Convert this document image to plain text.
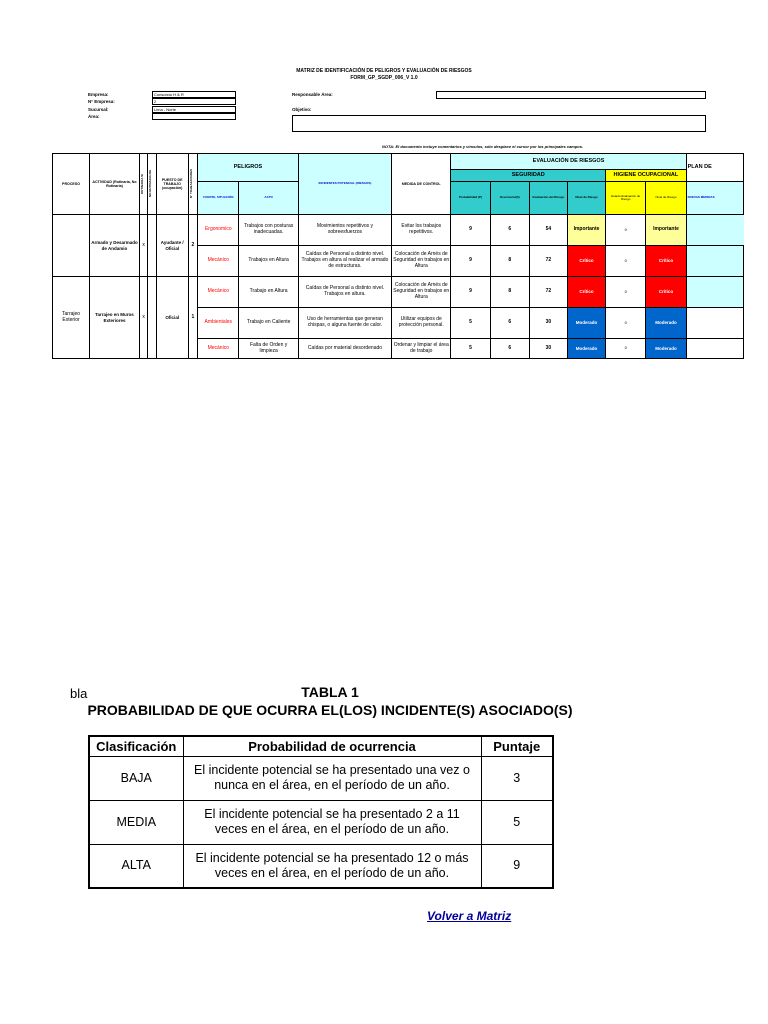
MATRIZ DE IDENTIFICACIÓN DE PELIGROS Y EVALUACIÓN DE RIESGOS
FORM_GP_SGDP_006_V 1.0
Empresa:	Consorcio H & R
N° Empresa:	2
Sucursal:	Lima - Norte
Área:
Responsable Área:
Objetivo:
NOTA: El documento incluye comentarios y vínculos, sólo desplace el cursor por los principales campos.
PROCESO	ACTIVIDAD (Rutinaria, No Rutinaria)	RUTINARIA SI	NO RUTINARIA NO	PUESTO DE TRABAJO (ocupación)	N° TRABAJADORES	PELIGROS		INCIDENTES POTENCIAL (RIESGOS)	MEDIDA DE CONTROL	EVALUACIÓN DE RIESGOS						PLAN DE
										SEGURIDAD				HIGIENE OCUPACIONAL		
						FUENTE, SITUACIÓN	ACTO			Probabilidad (P)	Ocurrencia(S)	Evaluación del Riesgo	Nivel de Riesgo	Estado Evaluación de Riesgo	Nivel de Riesgo	NUEVAS MEDIDAS

	Armado y Desarmado de Andamio	x		Ayudante / Oficial	2	Ergonomico	Trabajos con posturas inadecuadas.	Movimientos repetitivos y sobreesfuerzos	Evitar los trabajos repetitivos.	9	6	54	Importante	0	Importante	
						Mecánico	Trabajos en Altura	Caídas de Personal a distinto nivel. Trabajos en altura al realizar el armado de estructuras.	Colocación de Arnés de Seguridad en trabajos en Altura	9	8	72	Crítico	0	Crítico	
Tarrajeo Exterior	Tarrajeo en Muros Exteriores	x		Oficial	1	Mecánico	Trabajo en Altura	Caídas de Personal a distinto nivel. Trabajos en altura.	Colocación de Arnés de Seguridad en trabajos en Altura	9	8	72	Crítico	0	Crítico	
						Ambientales	Trabajo en Caliente	Uso de herramientas que generan chispas, o alguna fuente de calor.	Utilizar equipos de protección personal.	5	6	30	Moderado	0	Moderado	
						Mecánico	Falta de Orden y limpieza	Caídas por material desordenado	Ordenar y limpiar el área de trabajo	5	6	30	Moderado	0	Moderado	
bla	TABLA 1
PROBABILIDAD DE QUE OCURRA EL(LOS) INCIDENTE(S) ASOCIADO(S)
Clasificación	Probabilidad de ocurrencia	Puntaje
BAJA	El incidente potencial se ha presentado una vez o nunca en el área, en el período de un año.	3
MEDIA	El incidente potencial se ha presentado 2 a 11 veces en el área, en el período de un año.	5
ALTA	El incidente potencial se ha presentado 12 o más veces en el área, en el período de un año.	9
Volver a Matriz
